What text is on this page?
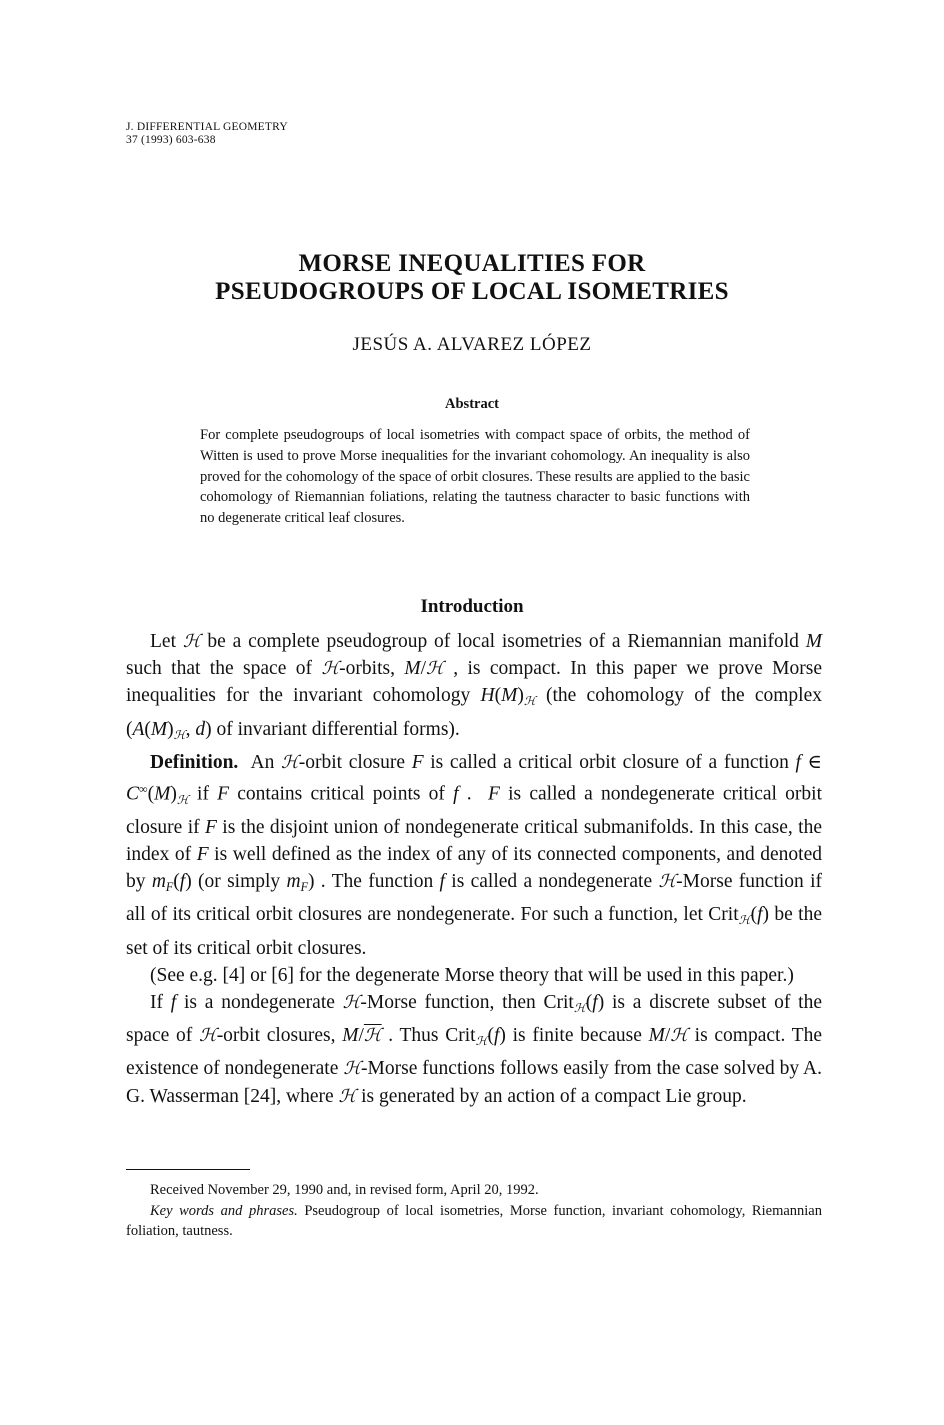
J. DIFFERENTIAL GEOMETRY
37 (1993) 603-638
MORSE INEQUALITIES FOR
PSEUDOGROUPS OF LOCAL ISOMETRIES
JESÚS A. ALVAREZ LÓPEZ
Abstract
For complete pseudogroups of local isometries with compact space of orbits, the method of Witten is used to prove Morse inequalities for the invariant cohomology. An inequality is also proved for the cohomology of the space of orbit closures. These results are applied to the basic cohomology of Riemannian foliations, relating the tautness character to basic functions with no degenerate critical leaf closures.
Introduction

Let ℋ be a complete pseudogroup of local isometries of a Riemannian manifold M such that the space of ℋ-orbits, M/ℋ , is compact. In this paper we prove Morse inequalities for the invariant cohomology $H(M)_ℋ$ (the cohomology of the complex ($A(M)_ℋ$, d) of invariant differential forms).

Definition.  An ℋ-orbit closure F is called a critical orbit closure of a function f ∈ $C^\infty(M)_ℋ$ if F contains critical points of f .  F is called a nondegenerate critical orbit closure if F is the disjoint union of nondegenerate critical submanifolds. In this case, the index of F is well defined as the index of any of its connected components, and denoted by $m_F(f)$ (or simply $m_F$) . The function f is called a nondegenerate ℋ-Morse function if all of its critical orbit closures are nondegenerate. For such a function, let Crit$_ℋ$(f) be the set of its critical orbit closures.

(See e.g. [4] or [6] for the degenerate Morse theory that will be used in this paper.)

If f is a nondegenerate ℋ-Morse function, then Crit$_ℋ$(f) is a discrete subset of the space of ℋ-orbit closures, M/ℋ . Thus Crit$_ℋ$(f) is finite because M/ℋ is compact. The existence of nondegenerate ℋ-Morse functions follows easily from the case solved by A. G. Wasserman [24], where ℋ is generated by an action of a compact Lie group.

Received November 29, 1990 and, in revised form, April 20, 1992.

Key words and phrases. Pseudogroup of local isometries, Morse function, invariant cohomology, Riemannian foliation, tautness.
